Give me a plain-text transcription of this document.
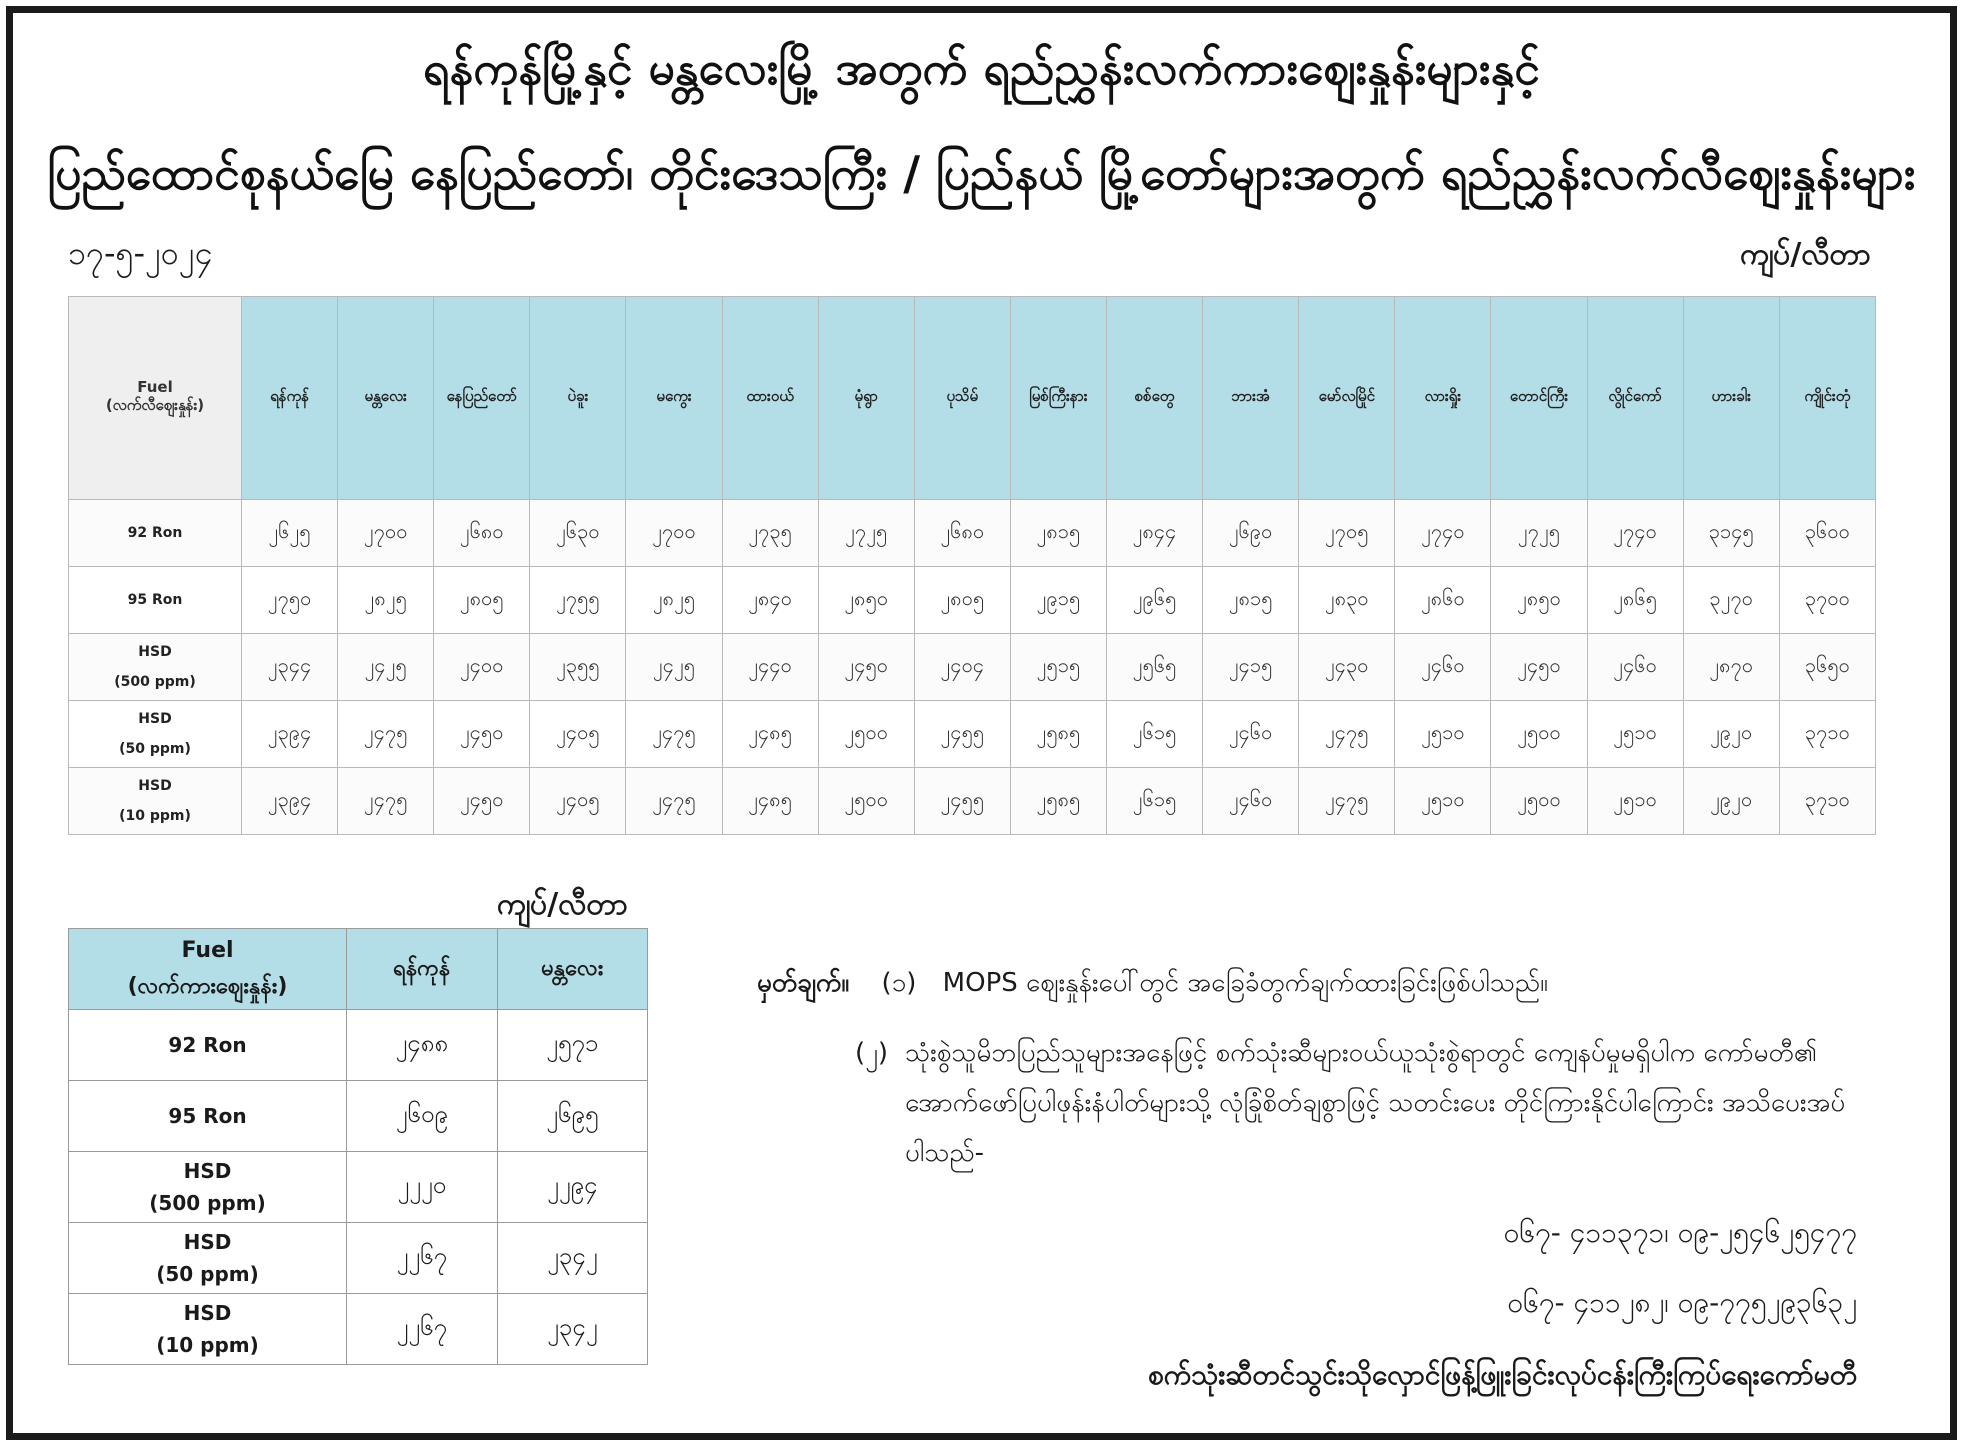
ရန်ကုန်မြို့နှင့် မန္တလေးမြို့ အတွက် ရည်ညွှန်းလက်ကားဈေးနှုန်းများနှင့်
ပြည်ထောင်စုနယ်မြေ နေပြည်တော်၊ တိုင်းဒေသကြီး / ပြည်နယ် မြို့တော်များအတွက် ရည်ညွှန်းလက်လီဈေးနှုန်းများ
၁၇-၅-၂၀၂၄	ကျပ်/လီတာ
Fuel
(လက်လီဈေးနှုန်း)	ရန်ကုန်	မန္တလေး	နေပြည်တော်	ပဲခူး	မကွေး	ထားဝယ်	မုံရွာ	ပုသိမ်	မြစ်ကြီးနား	စစ်တွေ	ဘားအံ	မော်လမြိုင်	လားရှိုး	တောင်ကြီး	လွိုင်ကော်	ဟားခါး	ကျိုင်းတုံ
92 Ron	၂၆၂၅	၂၇၀၀	၂၆၈၀	၂၆၃၀	၂၇၀၀	၂၇၃၅	၂၇၂၅	၂၆၈၀	၂၈၁၅	၂၈၄၄	၂၆၉၀	၂၇၀၅	၂၇၄၀	၂၇၂၅	၂၇၄၀	၃၁၄၅	၃၆၀၀
95 Ron	၂၇၅၀	၂၈၂၅	၂၈၀၅	၂၇၅၅	၂၈၂၅	၂၈၄၀	၂၈၅၀	၂၈၀၅	၂၉၁၅	၂၉၆၅	၂၈၁၅	၂၈၃၀	၂၈၆၀	၂၈၅၀	၂၈၆၅	၃၂၇၀	၃၇၀၀
HSD
(500 ppm)	၂၃၄၄	၂၄၂၅	၂၄၀၀	၂၃၅၅	၂၄၂၅	၂၄၄၀	၂၄၅၀	၂၄၀၄	၂၅၁၅	၂၅၆၅	၂၄၁၅	၂၄၃၀	၂၄၆၀	၂၄၅၀	၂၄၆၀	၂၈၇၀	၃၆၅၀
HSD
(50 ppm)	၂၃၉၄	၂၄၇၅	၂၄၅၀	၂၄၀၅	၂၄၇၅	၂၄၈၅	၂၅၀၀	၂၄၅၅	၂၅၈၅	၂၆၁၅	၂၄၆၀	၂၄၇၅	၂၅၁၀	၂၅၀၀	၂၅၁၀	၂၉၂၀	၃၇၁၀
HSD
(10 ppm)	၂၃၉၄	၂၄၇၅	၂၄၅၀	၂၄၀၅	၂၄၇၅	၂၄၈၅	၂၅၀၀	၂၄၅၅	၂၅၈၅	၂၆၁၅	၂၄၆၀	၂၄၇၅	၂၅၁၀	၂၅၀၀	၂၅၁၀	၂၉၂၀	၃၇၁၀
ကျပ်/လီတာ
Fuel
(လက်ကားဈေးနှုန်း)	ရန်ကုန်	မန္တလေး
92 Ron	၂၄၈၈	၂၅၇၁
95 Ron	၂၆၀၉	၂၆၉၅
HSD
(500 ppm)	၂၂၂၀	၂၂၉၄
HSD
(50 ppm)	၂၂၆၇	၂၃၄၂
HSD
(10 ppm)	၂၂၆၇	၂၃၄၂
မှတ်ချက်။ (၁) MOPS ဈေးနှုန်းပေါ်တွင် အခြေခံတွက်ချက်ထားခြင်းဖြစ်ပါသည်။
(၂) သုံးစွဲသူမိဘပြည်သူများအနေဖြင့် စက်သုံးဆီများဝယ်ယူသုံးစွဲရာတွင် ကျေနပ်မှုမရှိပါက ကော်မတီ၏ အောက်ဖော်ပြပါဖုန်းနံပါတ်များသို့ လုံခြုံစိတ်ချစွာဖြင့် သတင်းပေး တိုင်ကြားနိုင်ပါကြောင်း အသိပေးအပ်ပါသည်-
၀၆၇- ၄၁၁၃၇၁၊ ၀၉-၂၅၄၆၂၅၄၇၇
၀၆၇- ၄၁၁၂၈၂၊ ၀၉-၇၇၅၂၉၃၆၃၂
စက်သုံးဆီတင်သွင်းသိုလှောင်ဖြန့်ဖြူးခြင်းလုပ်ငန်းကြီးကြပ်ရေးကော်မတီ
